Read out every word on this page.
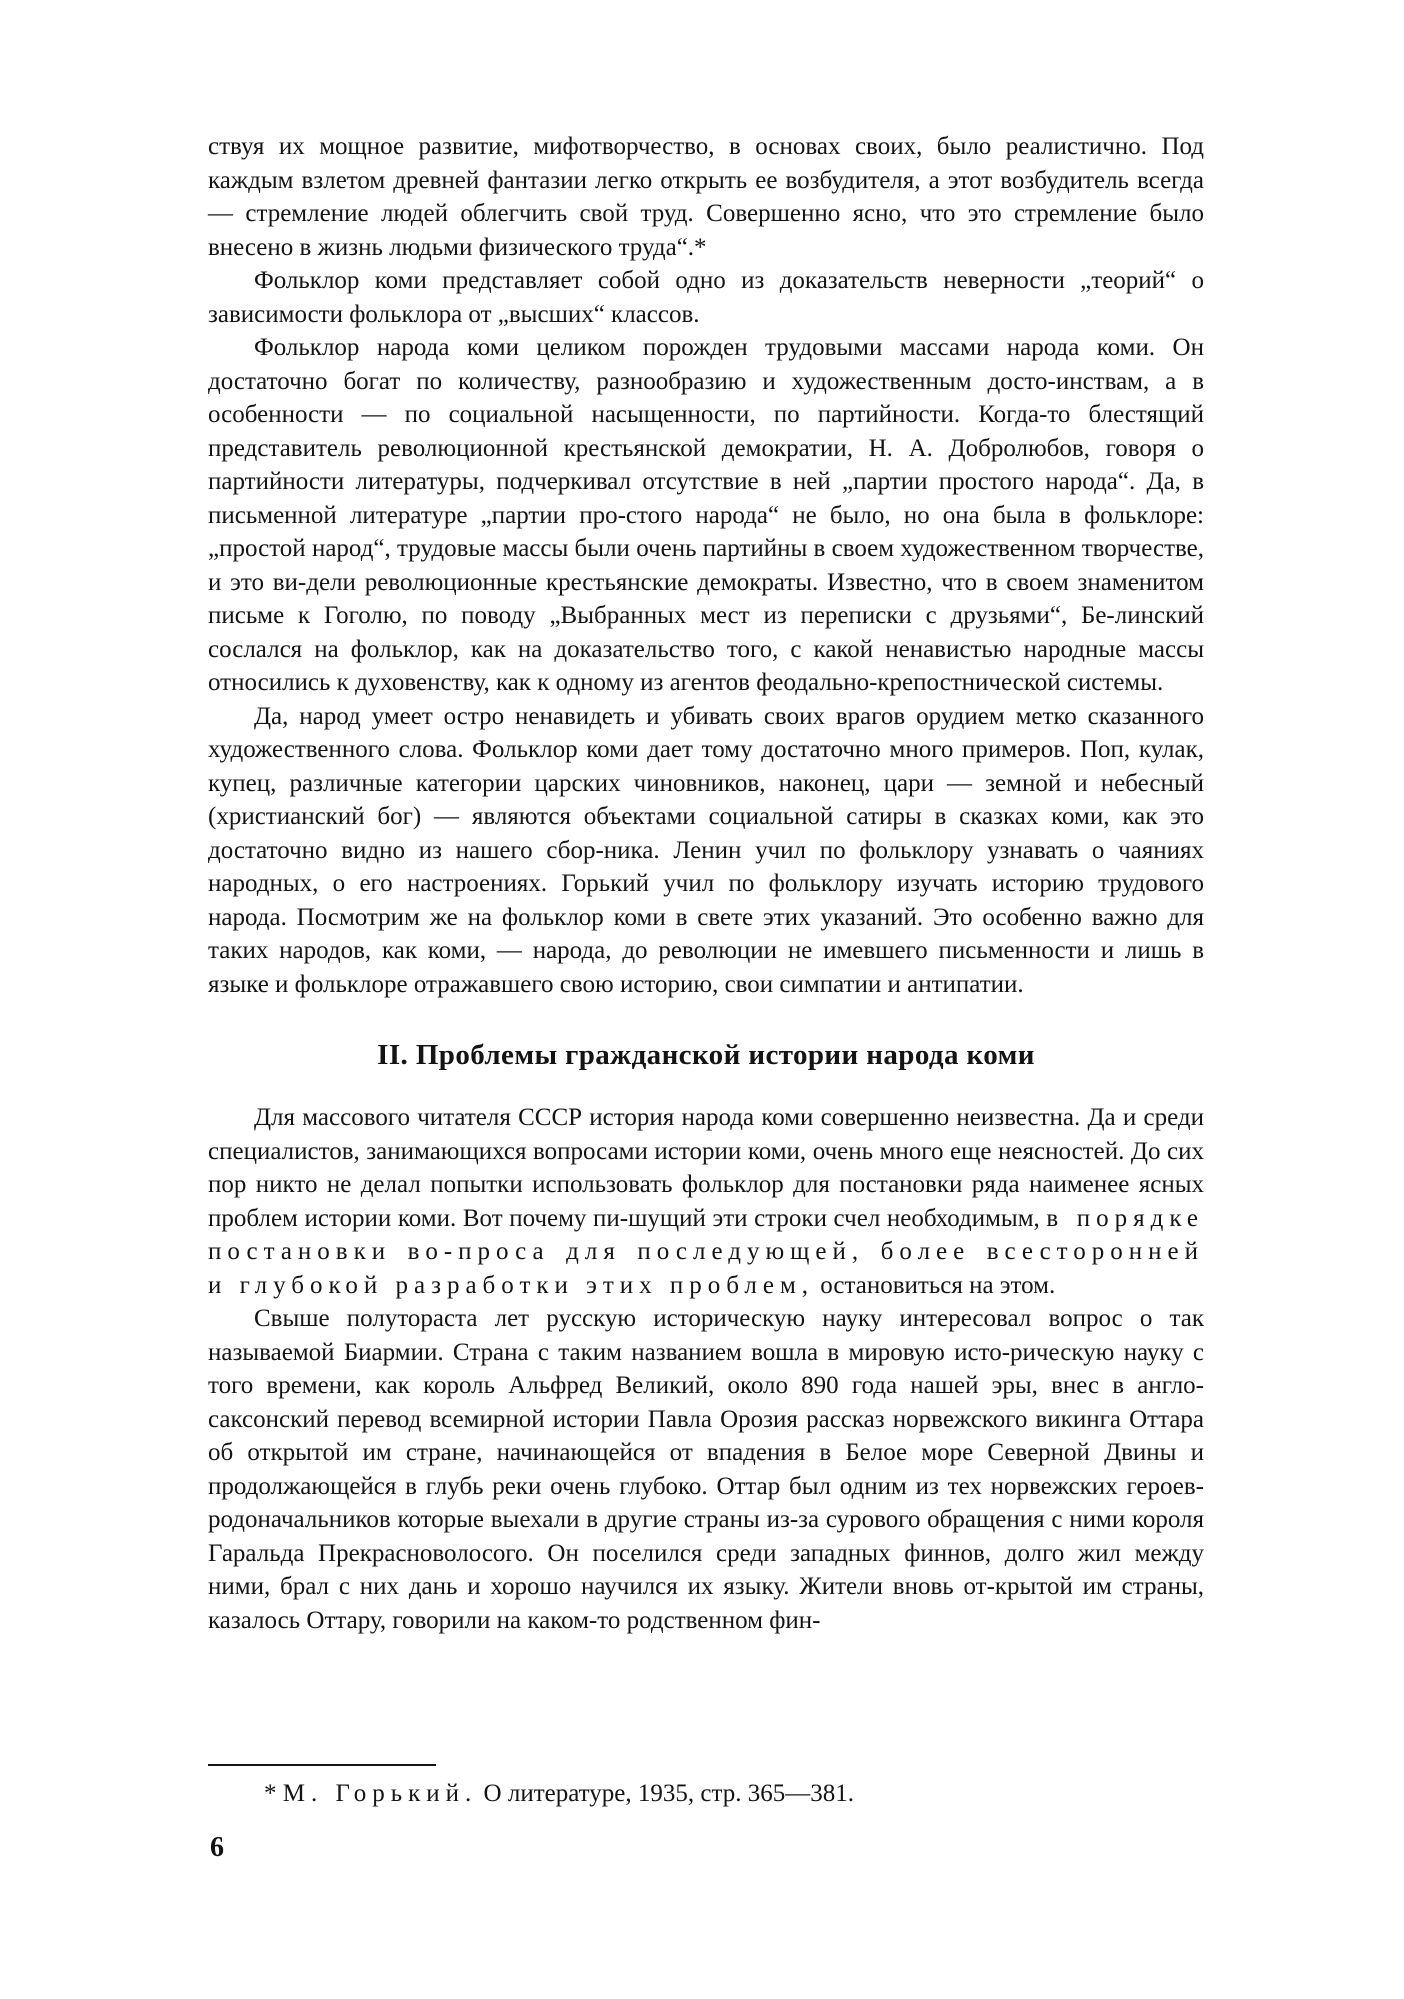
ствуя их мощное развитие, мифотворчество, в основах своих, было реалистично. Под каждым взлетом древней фантазии легко открыть ее возбудителя, а этот возбудитель всегда — стремление людей облегчить свой труд. Совершенно ясно, что это стремление было внесено в жизнь людьми физического труда“.*

Фольклор коми представляет собой одно из доказательств неверности „теорий“ о зависимости фольклора от „высших“ классов.

Фольклор народа коми целиком порожден трудовыми массами народа коми. Он достаточно богат по количеству, разнообразию и художественным досто-инствам, а в особенности — по социальной насыщенности, по партийности. Когда-то блестящий представитель революционной крестьянской демократии, Н. А. Добролюбов, говоря о партийности литературы, подчеркивал отсутствие в ней „партии простого народа“. Да, в письменной литературе „партии про-стого народа“ не было, но она была в фольклоре: „простой народ“, трудовые массы были очень партийны в своем художественном творчестве, и это ви-дели революционные крестьянские демократы. Известно, что в своем знаменитом письме к Гоголю, по поводу „Выбранных мест из переписки с друзьями“, Бе-линский сослался на фольклор, как на доказательство того, с какой ненавистью народные массы относились к духовенству, как к одному из агентов феодально-крепостнической системы.

Да, народ умеет остро ненавидеть и убивать своих врагов орудием метко сказанного художественного слова. Фольклор коми дает тому достаточно много примеров. Поп, кулак, купец, различные категории царских чиновников, наконец, цари — земной и небесный (христианский бог) — являются объектами социальной сатиры в сказках коми, как это достаточно видно из нашего сбор-ника. Ленин учил по фольклору узнавать о чаяниях народных, о его настроениях. Горький учил по фольклору изучать историю трудового народа. Посмотрим же на фольклор коми в свете этих указаний. Это особенно важно для таких народов, как коми, — народа, до революции не имевшего письменности и лишь в языке и фольклоре отражавшего свою историю, свои симпатии и антипатии.

II. Проблемы гражданской истории народа коми

Для массового читателя СССР история народа коми совершенно неизвестна. Да и среди специалистов, занимающихся вопросами истории коми, очень много еще неясностей. До сих пор никто не делал попытки использовать фольклор для постановки ряда наименее ясных проблем истории коми. Вот почему пи-шущий эти строки счел необходимым, в порядке постановки во-проса для последующей, более всесторонней и глубокой разработки этих проблем, остановиться на этом.

Свыше полутораста лет русскую историческую науку интересовал вопрос о так называемой Биармии. Страна с таким названием вошла в мировую исто-рическую науку с того времени, как король Альфред Великий, около 890 года нашей эры, внес в англо-саксонский перевод всемирной истории Павла Орозия рассказ норвежского викинга Оттара об открытой им стране, начинающейся от впадения в Белое море Северной Двины и продолжающейся в глубь реки очень глубоко. Оттар был одним из тех норвежских героев-родоначальников которые выехали в другие страны из-за сурового обращения с ними короля Гаральда Прекрасноволосого. Он поселился среди западных финнов, долго жил между ними, брал с них дань и хорошо научился их языку. Жители вновь от-крытой им страны, казалось Оттару, говорили на каком-то родственном фин-

* М. Горький. О литературе, 1935, стр. 365—381.
6
